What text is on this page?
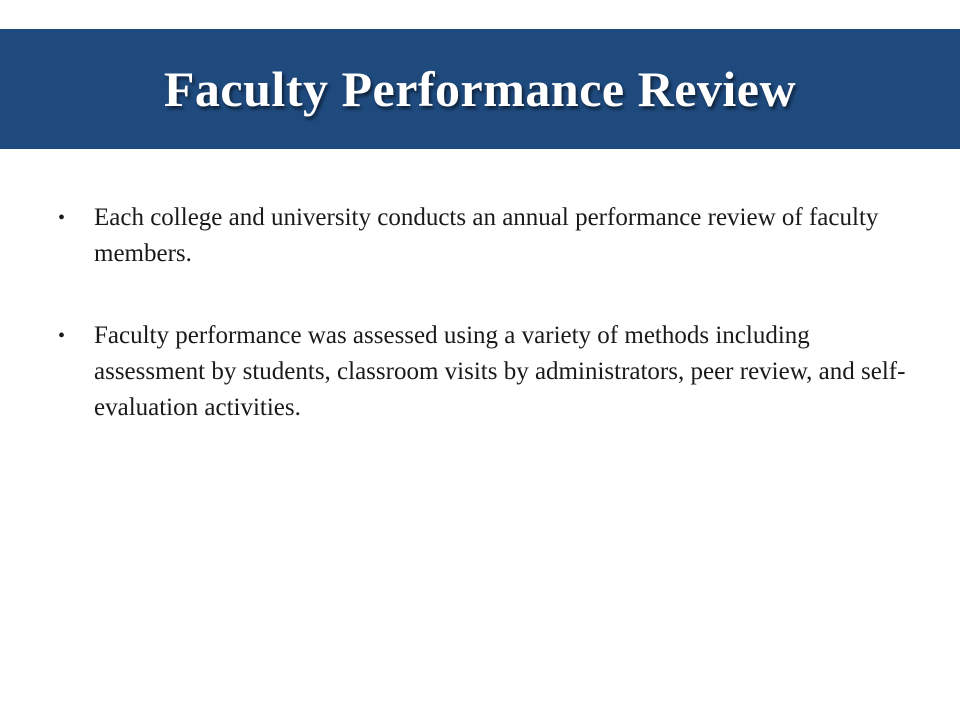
Faculty Performance Review
• Each college and university conducts an annual performance review of faculty members.
• Faculty performance was assessed using a variety of methods including assessment by students, classroom visits by administrators, peer review, and self-evaluation activities.
